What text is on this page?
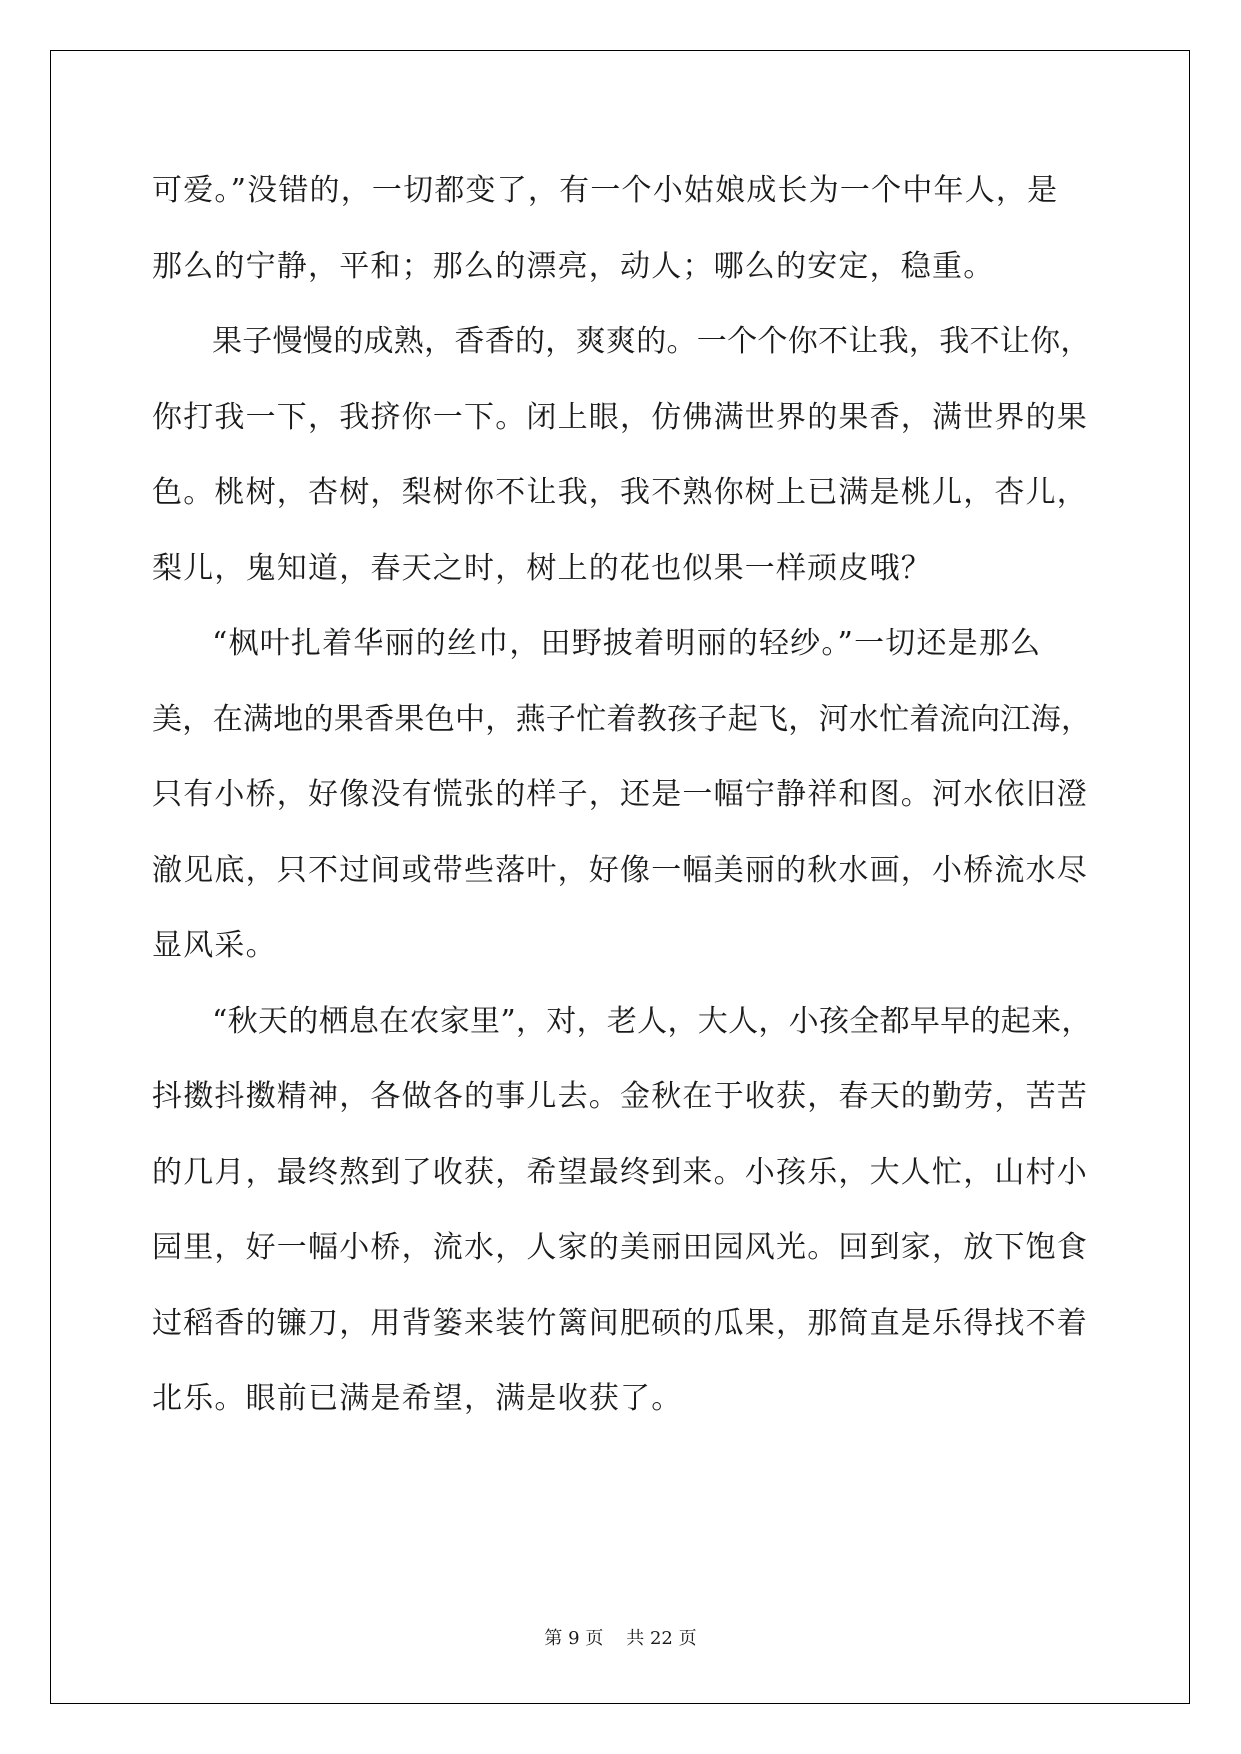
可爱。”没错的，一切都变了，有一个小姑娘成长为一个中年人，是
那么的宁静，平和；那么的漂亮，动人；哪么的安定，稳重。
果子慢慢的成熟，香香的，爽爽的。一个个你不让我，我不让你，
你打我一下，我挤你一下。闭上眼，仿佛满世界的果香，满世界的果
色。桃树，杏树，梨树你不让我，我不熟你树上已满是桃儿，杏儿，
梨儿，鬼知道，春天之时，树上的花也似果一样顽皮哦？
“枫叶扎着华丽的丝巾，田野披着明丽的轻纱。”一切还是那么
美，在满地的果香果色中，燕子忙着教孩子起飞，河水忙着流向江海，
只有小桥，好像没有慌张的样子，还是一幅宁静祥和图。河水依旧澄
澈见底，只不过间或带些落叶，好像一幅美丽的秋水画，小桥流水尽
显风采。
“秋天的栖息在农家里”，对，老人，大人，小孩全都早早的起来，
抖擞抖擞精神，各做各的事儿去。金秋在于收获，春天的勤劳，苦苦
的几月，最终熬到了收获，希望最终到来。小孩乐，大人忙，山村小
园里，好一幅小桥，流水，人家的美丽田园风光。回到家，放下饱食
过稻香的镰刀，用背篓来装竹篱间肥硕的瓜果，那简直是乐得找不着
北乐。眼前已满是希望，满是收获了。
第 9 页 共 22 页
